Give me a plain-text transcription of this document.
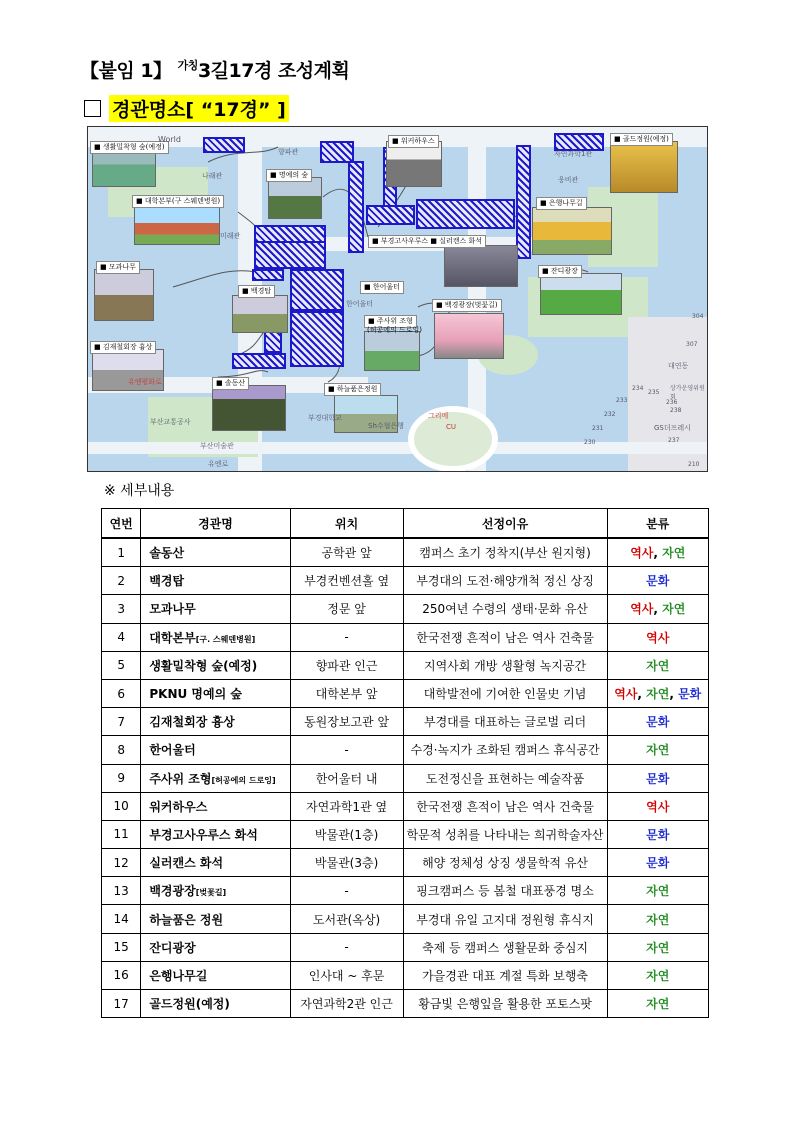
【붙임 1】 $^{가칭}$3길17경 조성계획
경관명소[ “17경” ]
■ 생활밀착형 숲(예정)
■ 명예의 숲
■ 워커하우스	■ 골드정원(예정)
■ 대학본부(구 스웨덴병원)	■ 은행나무길
■ 부경고사우루스 ■ 실러캔스 화석
■ 모과나무	■ 잔디광장
■ 백경탑	■ 한어울터
■ 백경광장(벚꽃길)
■ 주사위 조형
(허공에의 드로잉)
■ 김재철회장 흉상
■ 솔동산
■ 하늘품은정원
World
나래관
향파관
미래관
한어울터
자연과학1관
웅비관
부산미술관
GS더프레시
대연동
Sh수협은행
그리메
CU
유엔로
부산교통공사	부경대학교
유엔평화로
234
235
236
237
238
233
232
231
230
210
307
304
상가운영위원회
※ 세부내용
연번	경관명	위치	선정이유	분류
1	솔동산	공학관 앞	캠퍼스 초기 정착지(부산 원지형)	역사, 자연
2	백경탑	부경컨벤션홀 옆	부경대의 도전·해양개척 정신 상징	문화
3	모과나무	정문 앞	250여년 수령의 생태·문화 유산	역사, 자연
4	대학본부[구. 스웨덴병원]	-	한국전쟁 흔적이 남은 역사 건축물	역사
5	생활밀착형 숲(예정)	향파관 인근	지역사회 개방 생활형 녹지공간	자연
6	PKNU 명예의 숲	대학본부 앞	대학발전에 기여한 인물史 기념	역사, 자연, 문화
7	김재철회장 흉상	동원장보고관 앞	부경대를 대표하는 글로벌 리더	문화
8	한어울터	-	수경·녹지가 조화된 캠퍼스 휴식공간	자연
9	주사위 조형[허공에의 드로잉]	한어울터 내	도전정신을 표현하는 예술작품	문화
10	워커하우스	자연과학1관 옆	한국전쟁 흔적이 남은 역사 건축물	역사
11	부경고사우루스 화석	박물관(1층)	학문적 성취를 나타내는 희귀학술자산	문화
12	실러캔스 화석	박물관(3층)	해양 정체성 상징 생물학적 유산	문화
13	백경광장[벚꽃길]	-	핑크캠퍼스 등 봄철 대표풍경 명소	자연
14	하늘품은 정원	도서관(옥상)	부경대 유일 고지대 정원형 휴식지	자연
15	잔디광장	-	축제 등 캠퍼스 생활문화 중심지	자연
16	은행나무길	인사대 ~ 후문	가을경관 대표 계절 특화 보행축	자연
17	골드정원(예정)	자연과학2관 인근	황금빛 은행잎을 활용한 포토스팟	자연
